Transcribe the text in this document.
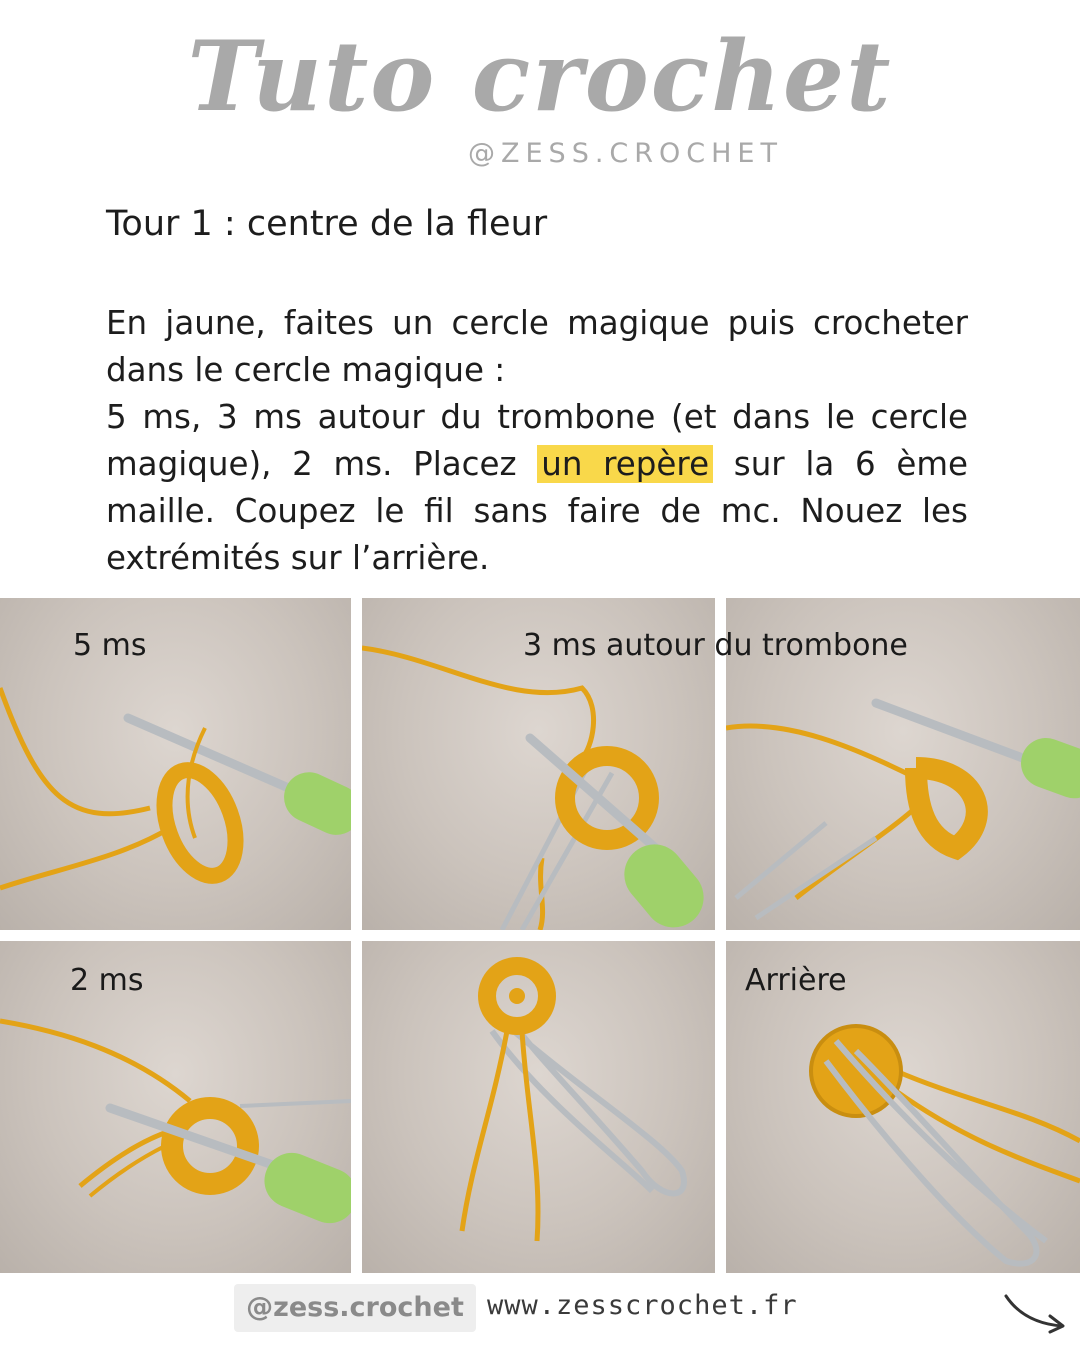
Tuto crochet
@ZESS.CROCHET
Tour 1 : centre de la fleur

En jaune, faites un cercle magique puis crocheter dans le cercle magique :

5 ms, 3 ms autour du trombone (et dans le cercle magique), 2 ms. Placez un repère sur la 6 ème maille. Coupez le fil sans faire de mc. Nouez les extrémités sur l’arrière.

5 ms	3 ms autour du trombone
2 ms	Arrière
@zess.crochet www.zesscrochet.fr
